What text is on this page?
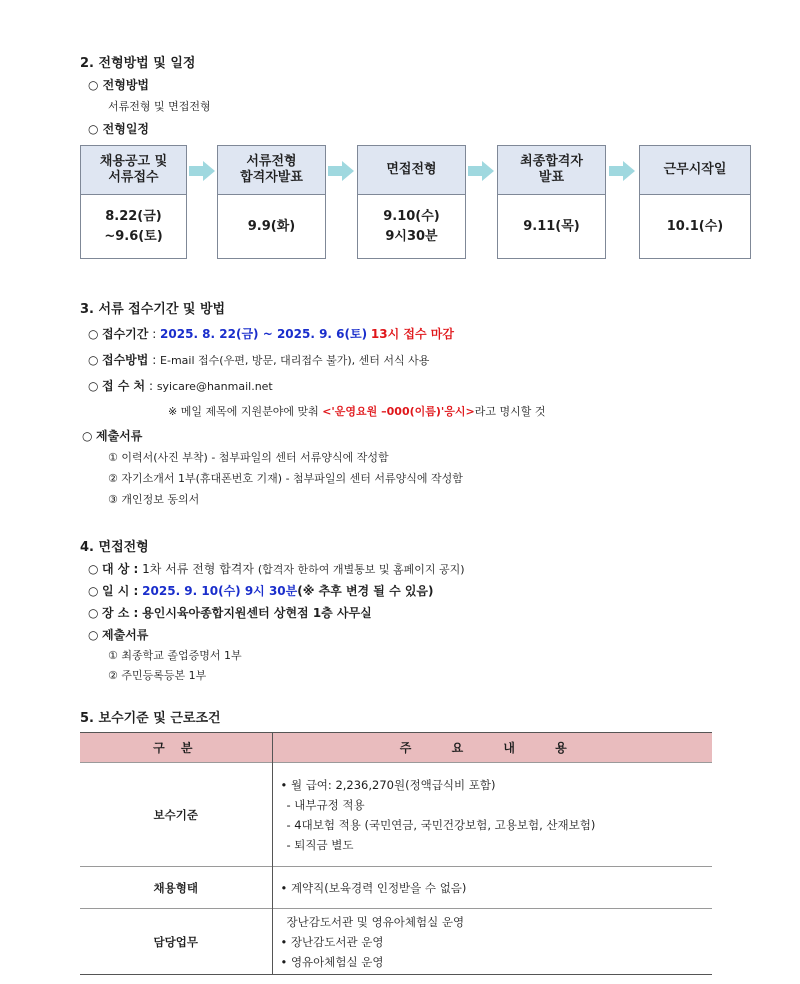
2. 전형방법 및 일정
○ 전형방법
서류전형 및 면접전형
○ 전형일정
채용공고 및
서류접수
8.22(금)
~9.6(토)
서류전형
합격자발표
9.9(화)
면접전형
9.10(수)
9시30분
최종합격자
발표
9.11(목)
근무시작일
10.1(수)
3. 서류 접수기간 및 방법
○ 접수기간 : 2025. 8. 22(금) ~ 2025. 9. 6(토) 13시 접수 마감
○ 접수방법 : E-mail 접수(우편, 방문, 대리접수 불가), 센터 서식 사용
○ 접 수 처 : syicare@hanmail.net
※ 메일 제목에 지원분야에 맞춰 <'운영요원 –000(이름)'응시>라고 명시할 것
○ 제출서류
① 이력서(사진 부착) - 첨부파일의 센터 서류양식에 작성함
② 자기소개서 1부(휴대폰번호 기재) - 첨부파일의 센터 서류양식에 작성함
③ 개인정보 동의서
4. 면접전형
○ 대 상 : 1차 서류 전형 합격자 (합격자 한하여 개별통보 및 홈페이지 공지)
○ 일 시 : 2025. 9. 10(수) 9시 30분(※ 추후 변경 될 수 있음)
○ 장 소 : 용인시육아종합지원센터 상현점 1층 사무실
○ 제출서류
① 최종학교 졸업증명서 1부
② 주민등록등본 1부
5. 보수기준 및 근로조건
구 분	주 요 내 용
보수기준	• 월 급여: 2,236,270원(정액급식비 포함)
- 내부규정 적용
- 4대보험 적용 (국민연금, 국민건강보험, 고용보험, 산재보험)
- 퇴직금 별도

채용형태	• 계약직(보육경력 인정받을 수 없음)

담당업무	장난감도서관 및 영유아체험실 운영
• 장난감도서관 운영
• 영유아체험실 운영
